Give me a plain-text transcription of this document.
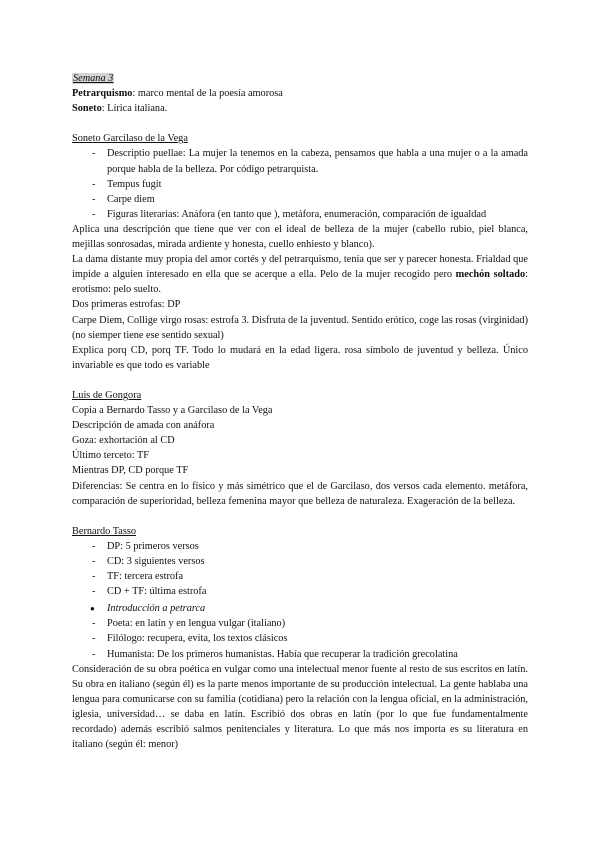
Semana 3

Petrarquismo: marco mental de la poesía amorosa

Soneto: Lírica italiana.

Soneto Garcilaso de la Vega

- Descriptio puellae: La mujer la tenemos en la cabeza, pensamos que habla a una mujer o a la amada porque habla de la belleza. Por código petrarquista.
- Tempus fugit
- Carpe diem
- Figuras literarias: Anáfora (en tanto que ), metáfora, enumeración, comparación de igualdad

Aplica una descripción que tiene que ver con el ideal de belleza de la mujer (cabello rubio, piel blanca, mejillas sonrosadas, mirada ardiente y honesta, cuello enhiesto y blanco).

La dama distante muy propia del amor cortés y del petrarquismo, tenía que ser y parecer honesta. Frialdad que impide a alguien interesado en ella que se acerque a ella. Pelo de la mujer recogido pero mechón soltado: erotismo: pelo suelto.

Dos primeras estrofas: DP

Carpe Diem, Collige virgo rosas: estrofa 3. Disfruta de la juventud. Sentido erótico, coge las rosas (virginidad)(no siemper tiene ese sentido sexual)

Explica porq CD, porq TF. Todo lo mudará en la edad ligera. rosa símbolo de juventud y belleza. Único invariable es que todo es variable

Luis de Gongora

Copia a Bernardo Tasso y a Garcilaso de la Vega

Descripción de amada con anáfora

Goza: exhortación al CD

Último terceto: TF

Mientras DP, CD porque TF

Diferencias: Se centra en lo físico y más simétrico que el de Garcilaso, dos versos cada elemento. metáfora, comparación de superioridad, belleza femenina mayor que belleza de naturaleza. Exageración de la belleza.

Bernardo Tasso

- DP: 5 primeros versos
- CD: 3 siguientes versos
- TF: tercera estrofa
- CD + TF: última estrofa
● Introducción a petrarca
- Poeta: en latín y en lengua vulgar (italiano)
- Filólogo: recupera, evita, los textos clásicos
- Humanista: De los primeros humanistas. Había que recuperar la tradición grecolatina

Consideración de su obra poética en vulgar como una intelectual menor fuente al resto de sus escritos en latín. Su obra en italiano (según él) es la parte menos importante de su producción intelectual. La gente hablaba una lengua para comunicarse con su familia (cotidiana) pero la relación con la lengua oficial, en la administración, iglesia, universidad… se daba en latín. Escribió dos obras en latín (por lo que fue fundamentalmente recordado) además escribió salmos penitenciales y literatura. Lo que más nos importa es su literatura en italiano (según él: menor)
